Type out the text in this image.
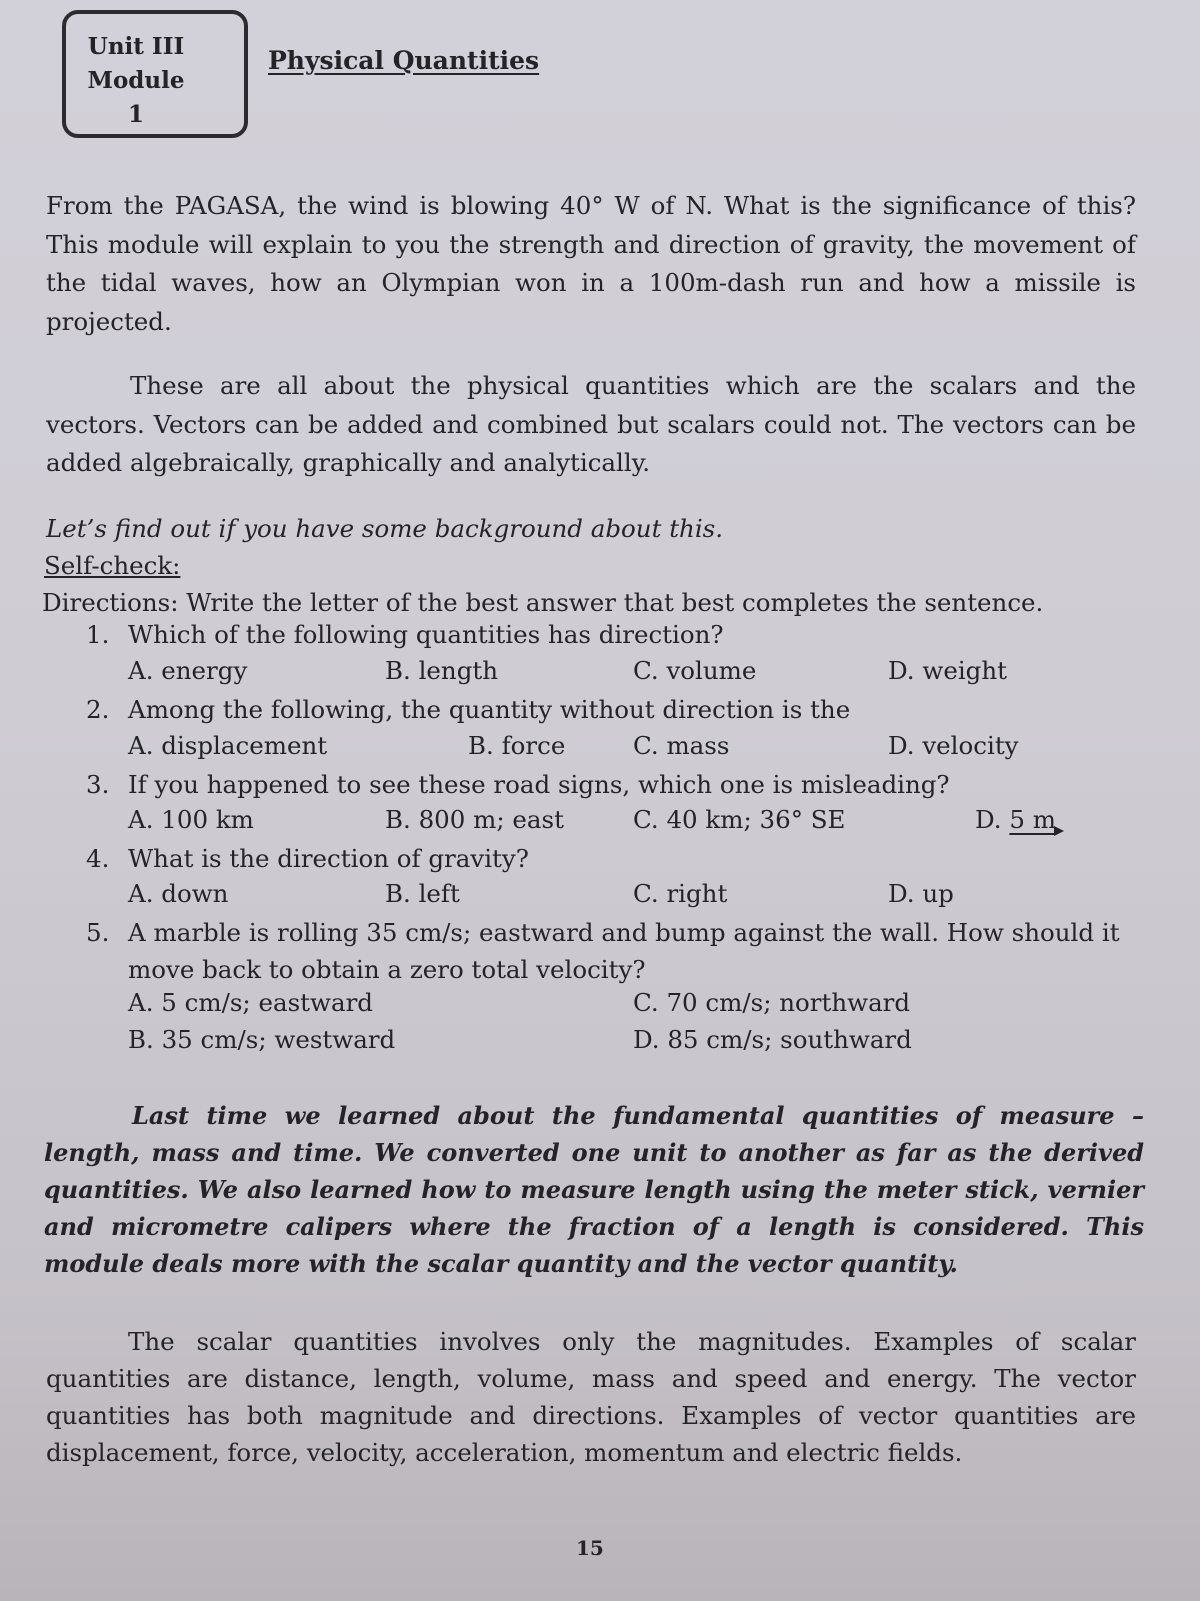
Unit III
Module
1
Physical Quantities
From the PAGASA, the wind is blowing 40° W of N. What is the significance of this? This module will explain to you the strength and direction of gravity, the movement of the tidal waves, how an Olympian won in a 100m-dash run and how a missile is projected.
These are all about the physical quantities which are the scalars and the vectors. Vectors can be added and combined but scalars could not. The vectors can be added algebraically, graphically and analytically.
Let’s find out if you have some background about this.
Self-check:
Directions: Write the letter of the best answer that best completes the sentence.
1. Which of the following quantities has direction?
A. energy	B. length	C. volume	D. weight
2. Among the following, the quantity without direction is the
A. displacement	B. force	C. mass	D. velocity
3. If you happened to see these road signs, which one is misleading?
A. 100 km	B. 800 m; east	C. 40 km; 36° SE	D. 5 m
4. What is the direction of gravity?
A. down	B. left	C. right	D. up
5. A marble is rolling 35 cm/s; eastward and bump against the wall. How should it move back to obtain a zero total velocity?
A. 5 cm/s; eastward	C. 70 cm/s; northward
B. 35 cm/s; westward	D. 85 cm/s; southward
Last time we learned about the fundamental quantities of measure – length, mass and time. We converted one unit to another as far as the derived quantities. We also learned how to measure length using the meter stick, vernier and micrometre calipers where the fraction of a length is considered. This module deals more with the scalar quantity and the vector quantity.
The scalar quantities involves only the magnitudes. Examples of scalar quantities are distance, length, volume, mass and speed and energy. The vector quantities has both magnitude and directions. Examples of vector quantities are displacement, force, velocity, acceleration, momentum and electric fields.
15
